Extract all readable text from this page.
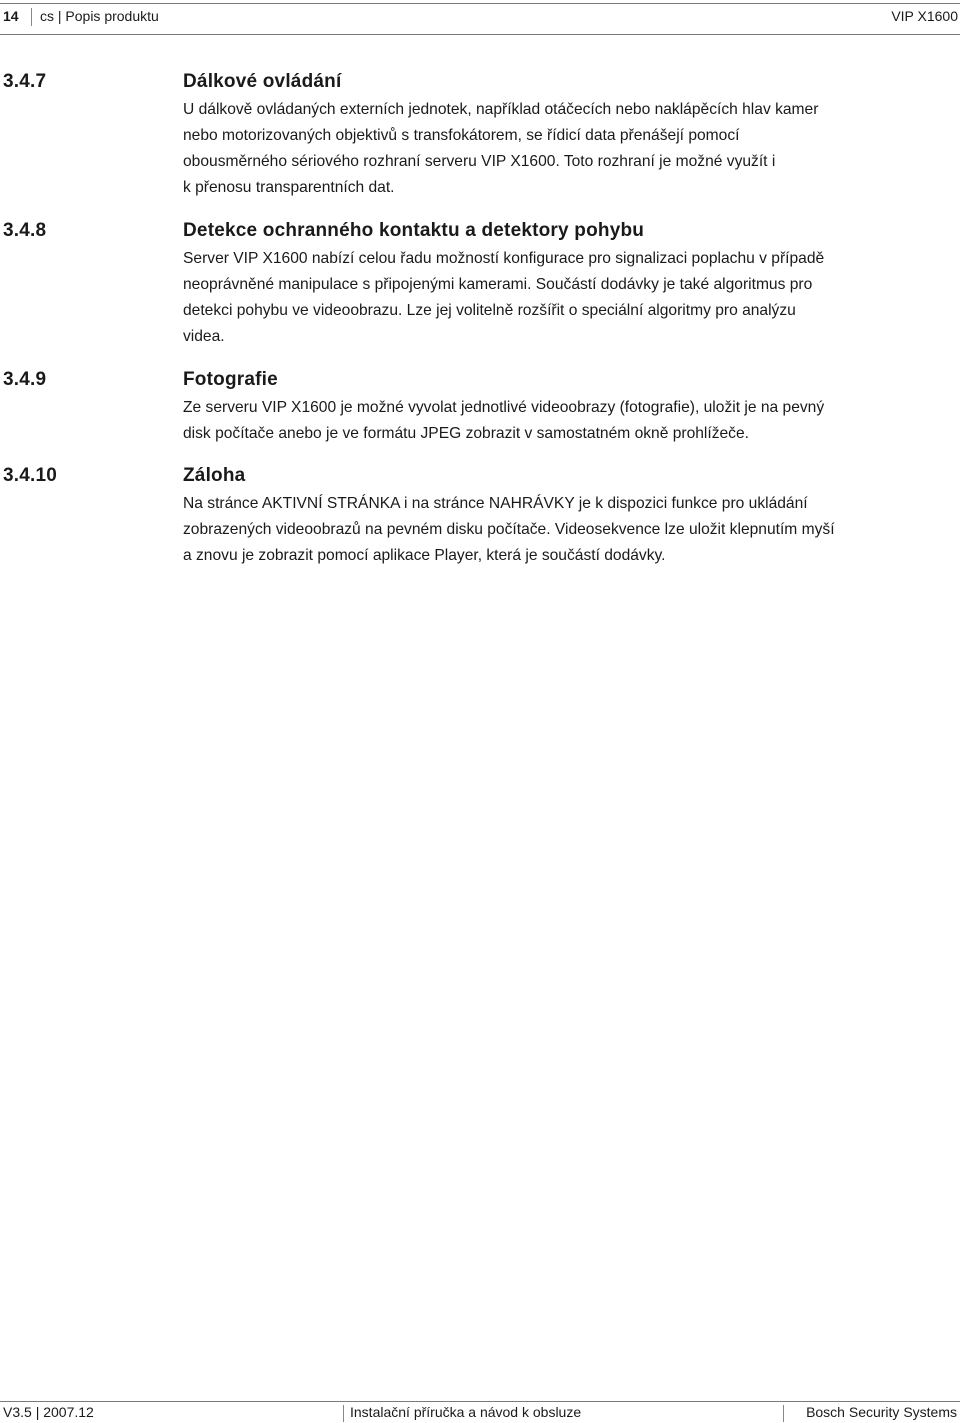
14 cs | Popis produktu	VIP X1600
3.4.7	Dálkové ovládání

U dálkově ovládaných externích jednotek, například otáčecích nebo naklápěcích hlav kamer

nebo motorizovaných objektivů s transfokátorem, se řídicí data přenášejí pomocí

obousměrného sériového rozhraní serveru VIP X1600. Toto rozhraní je možné využít i

k přenosu transparentních dat.

3.4.8	Detekce ochranného kontaktu a detektory pohybu

Server VIP X1600 nabízí celou řadu možností konfigurace pro signalizaci poplachu v případě

neoprávněné manipulace s připojenými kamerami. Součástí dodávky je také algoritmus pro

detekci pohybu ve videoobrazu. Lze jej volitelně rozšířit o speciální algoritmy pro analýzu

videa.

3.4.9	Fotografie

Ze serveru VIP X1600 je možné vyvolat jednotlivé videoobrazy (fotografie), uložit je na pevný

disk počítače anebo je ve formátu JPEG zobrazit v samostatném okně prohlížeče.

3.4.10	Záloha

Na stránce AKTIVNÍ STRÁNKA i na stránce NAHRÁVKY je k dispozici funkce pro ukládání

zobrazených videoobrazů na pevném disku počítače. Videosekvence lze uložit klepnutím myší

a znovu je zobrazit pomocí aplikace Player, která je součástí dodávky.

V3.5 | 2007.12	Instalační příručka a návod k obsluze	Bosch Security Systems
